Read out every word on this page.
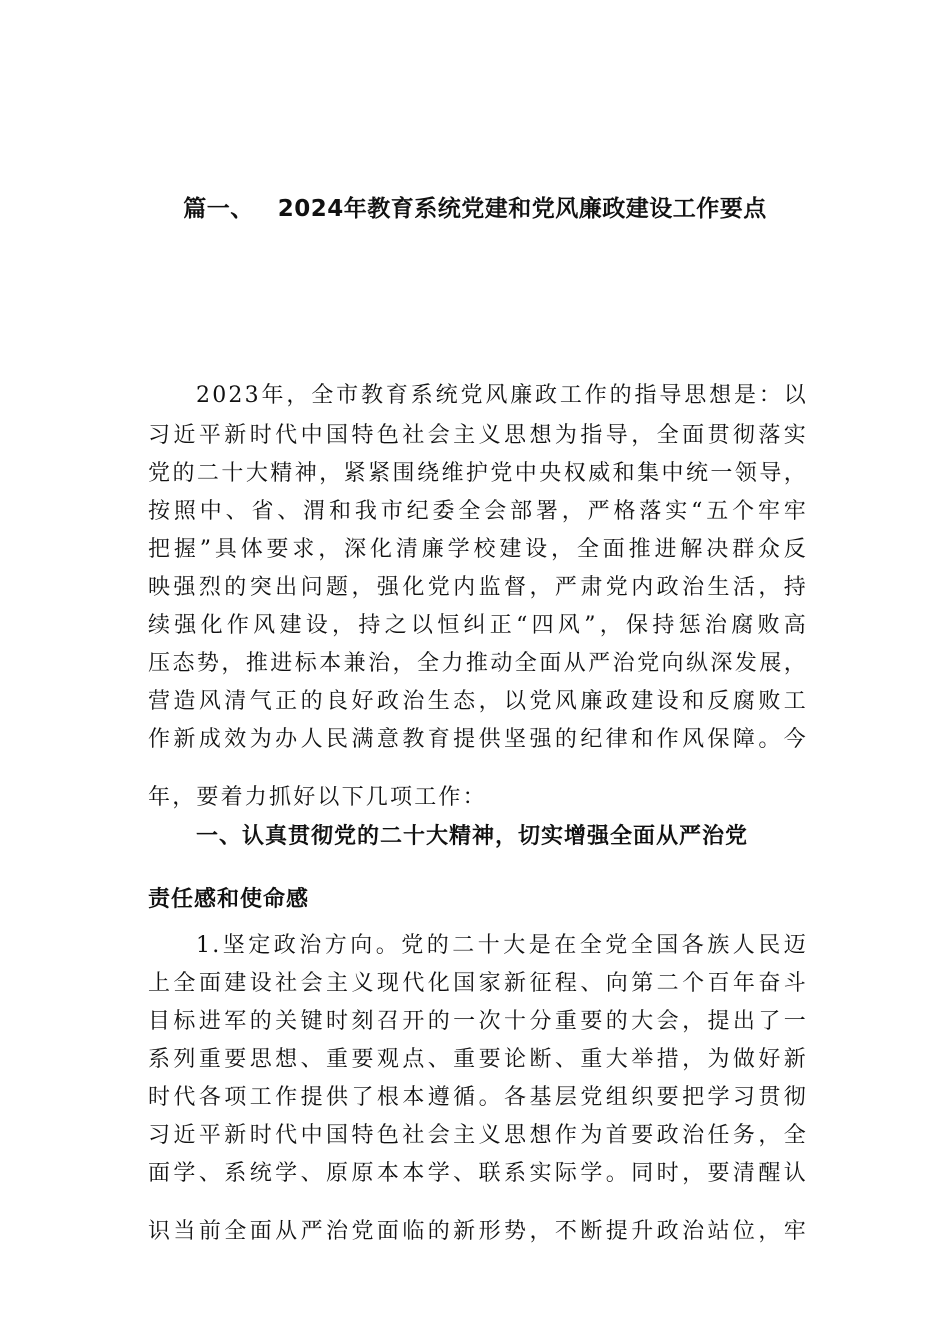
篇一、 2024年教育系统党建和党风廉政建设工作要点
2023年，全市教育系统党风廉政工作的指导思想是：以
习近平新时代中国特色社会主义思想为指导，全面贯彻落实
党的二十大精神，紧紧围绕维护党中央权威和集中统一领导，
按照中、省、渭和我市纪委全会部署，严格落实“五个牢牢
把握”具体要求，深化清廉学校建设，全面推进解决群众反
映强烈的突出问题，强化党内监督，严肃党内政治生活，持
续强化作风建设，持之以恒纠正“四风”，保持惩治腐败高
压态势，推进标本兼治，全力推动全面从严治党向纵深发展，
营造风清气正的良好政治生态，以党风廉政建设和反腐败工
作新成效为办人民满意教育提供坚强的纪律和作风保障。今
年，要着力抓好以下几项工作：
一、认真贯彻党的二十大精神，切实增强全面从严治党
责任感和使命感
1.坚定政治方向。党的二十大是在全党全国各族人民迈
上全面建设社会主义现代化国家新征程、向第二个百年奋斗
目标进军的关键时刻召开的一次十分重要的大会，提出了一
系列重要思想、重要观点、重要论断、重大举措，为做好新
时代各项工作提供了根本遵循。各基层党组织要把学习贯彻
习近平新时代中国特色社会主义思想作为首要政治任务，全
面学、系统学、原原本本学、联系实际学。同时，要清醒认
识当前全面从严治党面临的新形势，不断提升政治站位，牢
